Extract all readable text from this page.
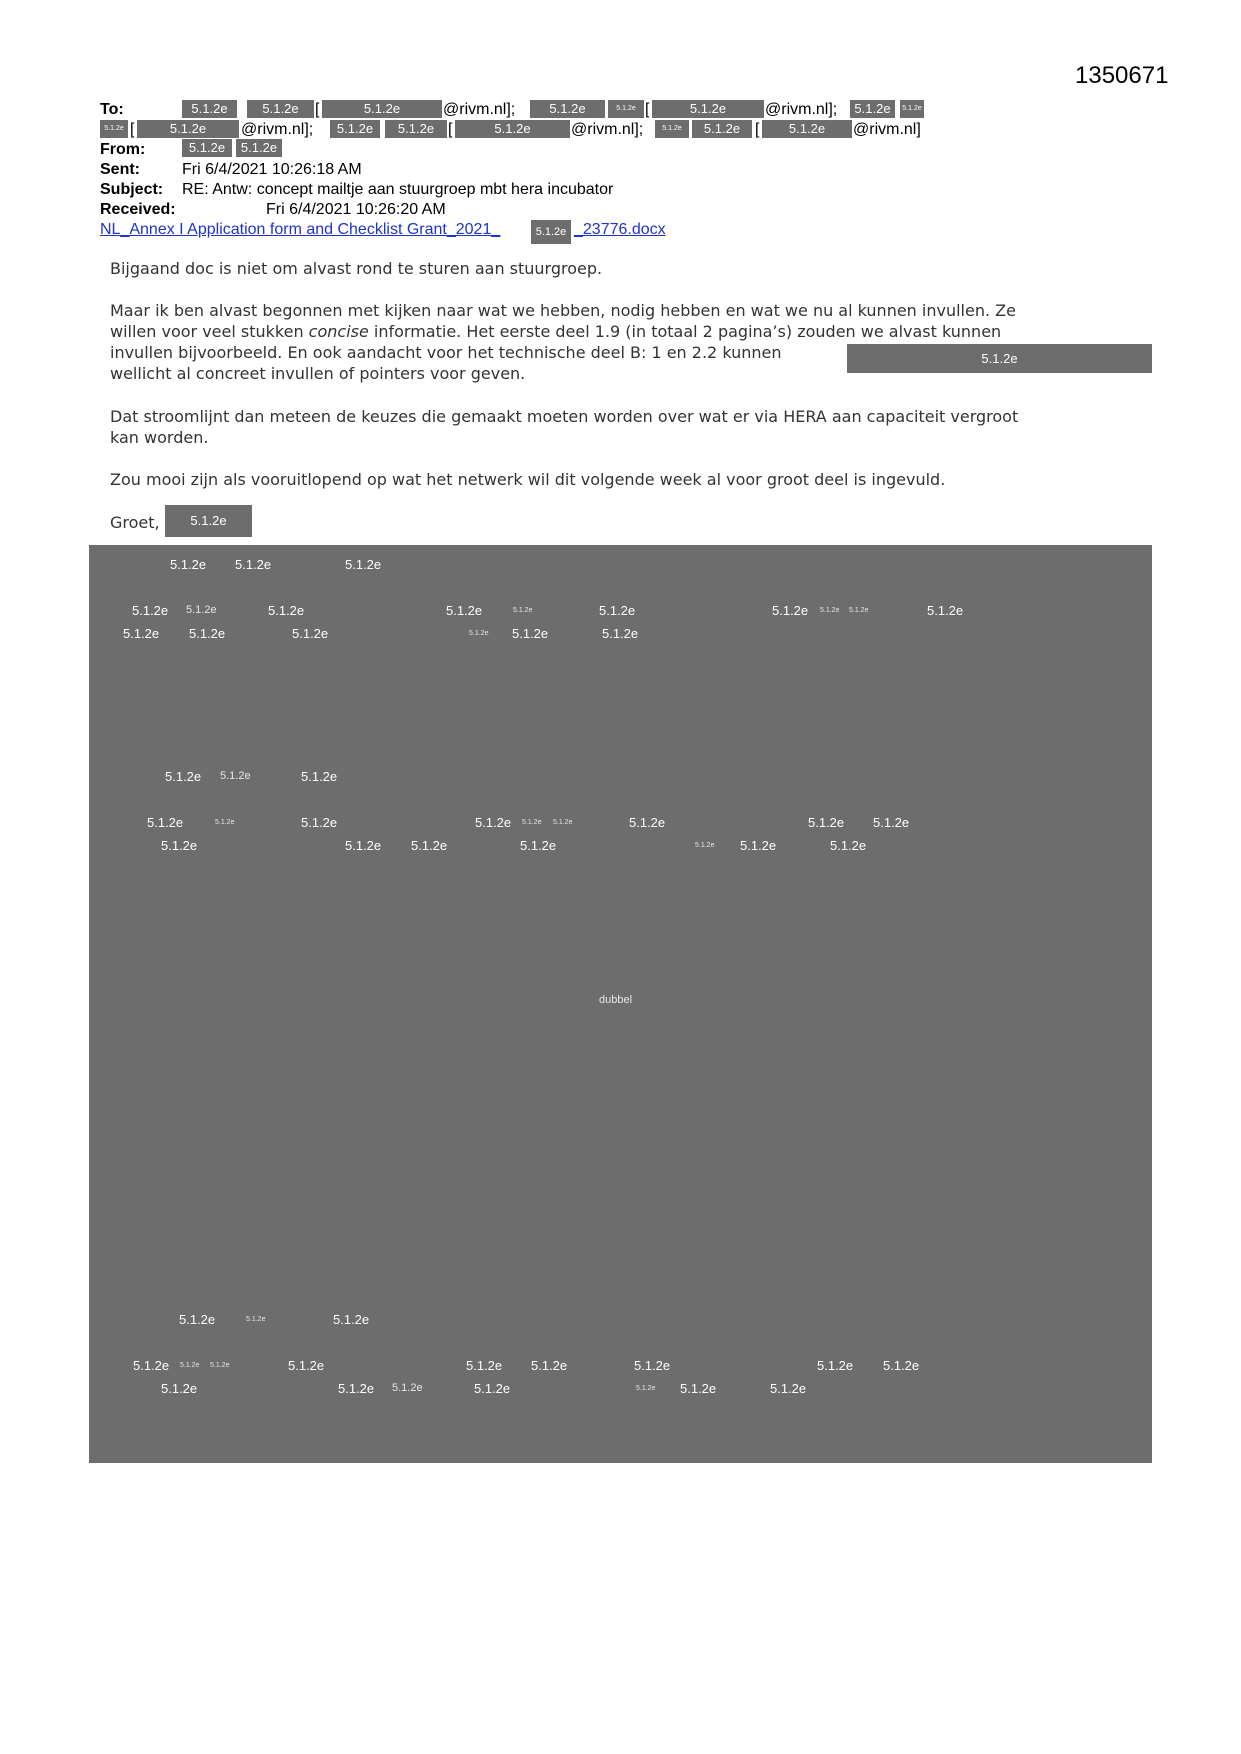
1350671
To:	5.1.2e	5.1.2e	[	5.1.2e	@rivm.nl];	5.1.2e	5.1.2e [	5.1.2e	@rivm.nl];	5.1.2e	5.1.2e
5.1.2e [	5.1.2e	@rivm.nl];	5.1.2e	5.1.2e [	5.1.2e	@rivm.nl];	5.1.2e	5.1.2e [	5.1.2e	@rivm.nl]
From:	5.1.2e	5.1.2e
Sent:	Fri 6/4/2021 10:26:18 AM
Subject: RE: Antw: concept mailtje aan stuurgroep mbt hera incubator
Received:	Fri 6/4/2021 10:26:20 AM
NL_Annex I Application form and Checklist Grant_2021_	5.1.2e _23776.docx

Bijgaand doc is niet om alvast rond te sturen aan stuurgroep.

Maar ik ben alvast begonnen met kijken naar wat we hebben, nodig hebben en wat we nu al kunnen invullen. Ze

willen voor veel stukken concise informatie. Het eerste deel 1.9 (in totaal 2 pagina’s) zouden we alvast kunnen

invullen bijvoorbeeld. En ook aandacht voor het technische deel B: 1 en 2.2 kunnen

wellicht al concreet invullen of pointers voor geven.

5.1.2e

Dat stroomlijnt dan meteen de keuzes die gemaakt moeten worden over wat er via HERA aan capaciteit vergroot

kan worden.

Zou mooi zijn als vooruitlopend op wat het netwerk wil dit volgende week al voor groot deel is ingevuld.

Groet,	5.1.2e
5.1.2e 5.1.2e	5.1.2e
5.1.2e 5.1.2e	5.1.2e	5.1.2e	5.1.2e	5.1.2e	5.1.2e 5.1.2e 5.1.2e	5.1.2e
5.1.2e 5.1.2e	5.1.2e	5.1.2e 5.1.2e	5.1.2e
5.1.2e 5.1.2e	5.1.2e
5.1.2e	5.1.2e	5.1.2e	5.1.2e 5.1.2e 5.1.2e	5.1.2e	5.1.2e 5.1.2e
5.1.2e	5.1.2e 5.1.2e	5.1.2e	5.1.2e 5.1.2e	5.1.2e
dubbel
5.1.2e	5.1.2e	5.1.2e
5.1.2e 5.1.2e 5.1.2e	5.1.2e	5.1.2e 5.1.2e	5.1.2e	5.1.2e 5.1.2e
5.1.2e	5.1.2e 5.1.2e	5.1.2e	5.1.2e 5.1.2e	5.1.2e
